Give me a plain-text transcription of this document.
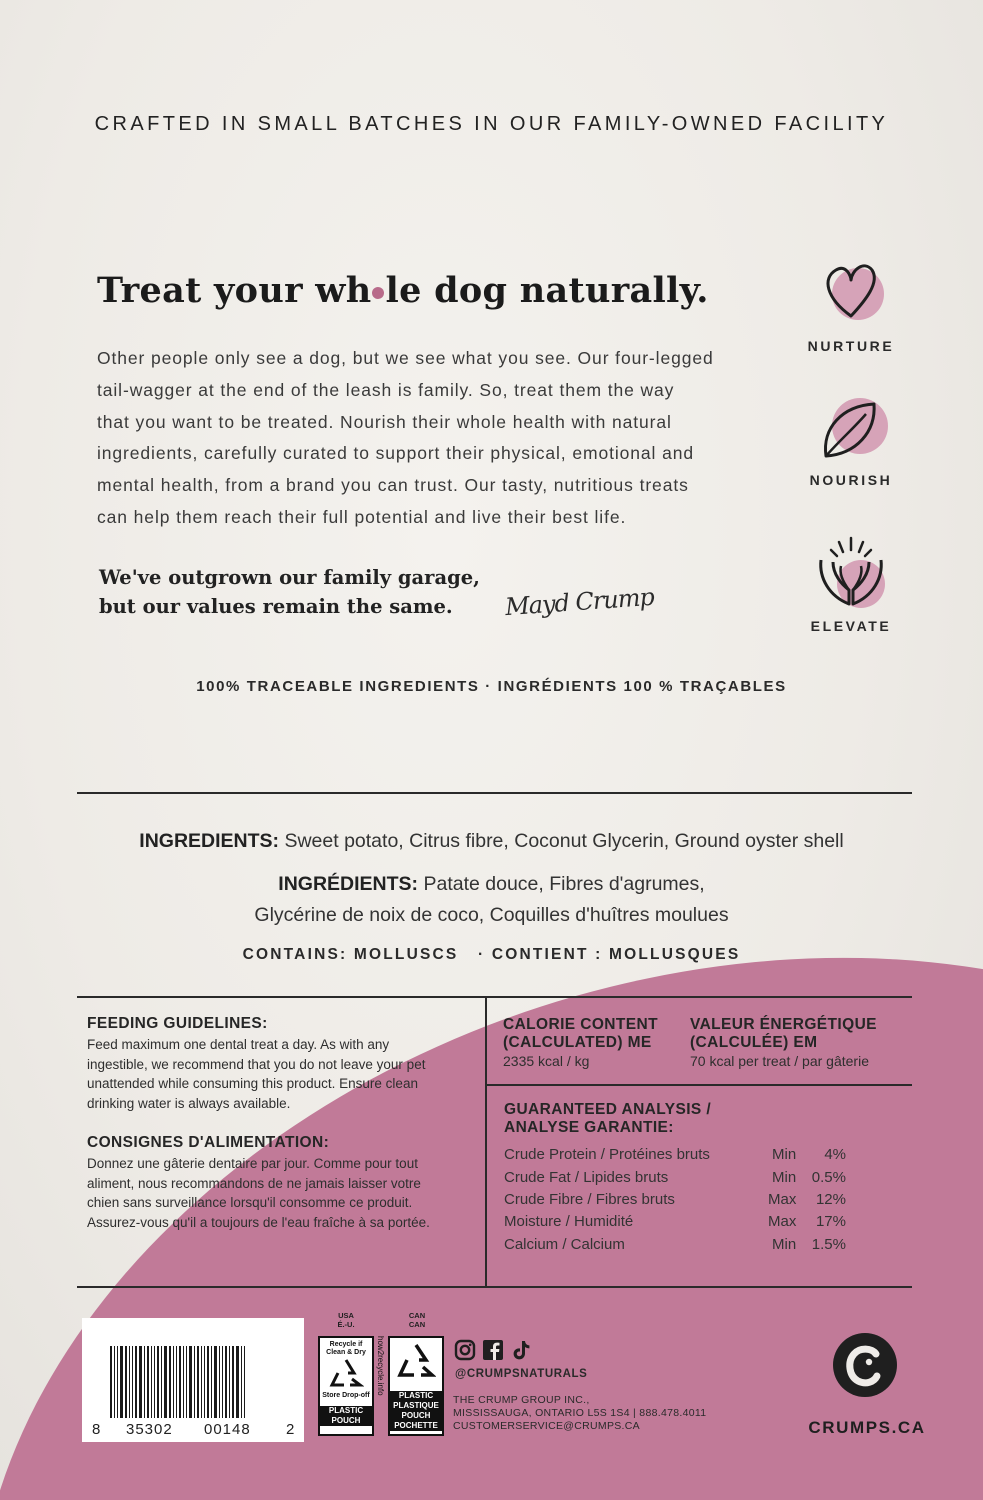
CRAFTED IN SMALL BATCHES IN OUR FAMILY-OWNED FACILITY
Treat your wh le dog naturally.
Other people only see a dog, but we see what you see. Our four-legged
tail-wagger at the end of the leash is family. So, treat them the way
that you want to be treated. Nourish their whole health with natural
ingredients, carefully curated to support their physical, emotional and
mental health, from a brand you can trust. Our tasty, nutritious treats
can help them reach their full potential and live their best life.
We've outgrown our family garage,
but our values remain the same.	Mayd Crump
NURTURE
NOURISH
ELEVATE
100% TRACEABLE INGREDIENTS · INGRÉDIENTS 100 % TRAÇABLES
INGREDIENTS: Sweet potato, Citrus fibre, Coconut Glycerin, Ground oyster shell
INGRÉDIENTS: Patate douce, Fibres d'agrumes,
Glycérine de noix de coco, Coquilles d'huîtres moulues
CONTAINS: MOLLUSCS   · CONTIENT : MOLLUSQUES
FEEDING GUIDELINES:
Feed maximum one dental treat a day. As with any
ingestible, we recommend that you do not leave your pet
unattended while consuming this product. Ensure clean
drinking water is always available.
CONSIGNES D'ALIMENTATION:
Donnez une gâterie dentaire par jour. Comme pour tout
aliment, nous recommandons de ne jamais laisser votre
chien sans surveillance lorsqu'il consomme ce produit.
Assurez-vous qu'il a toujours de l'eau fraîche à sa portée.
CALORIE CONTENT
(CALCULATED) ME
2335 kcal / kg
VALEUR ÉNERGÉTIQUE
(CALCULÉE) EM
70 kcal per treat / par gâterie
GUARANTEED ANALYSIS /
ANALYSE GARANTIE:
Crude Protein / Protéines bruts	Min 4%
Crude Fat / Lipides bruts	Min 0.5%
Crude Fibre / Fibres bruts	Max 12%
Moisture / Humidité	Max 17%
Calcium / Calcium	Min 1.5%
8 35302 00148 2
USA
É.-U.
Recycle if Clean & Dry
Store Drop-off
PLASTIC
POUCH
how2recycle.info
CAN
CAN
PLASTIC
PLASTIQUE
POUCH
POCHETTE
@CRUMPSNATURALS
THE CRUMP GROUP INC.,
MISSISSAUGA, ONTARIO L5S 1S4 | 888.478.4011
CUSTOMERSERVICE@CRUMPS.CA	CRUMPS.CA
